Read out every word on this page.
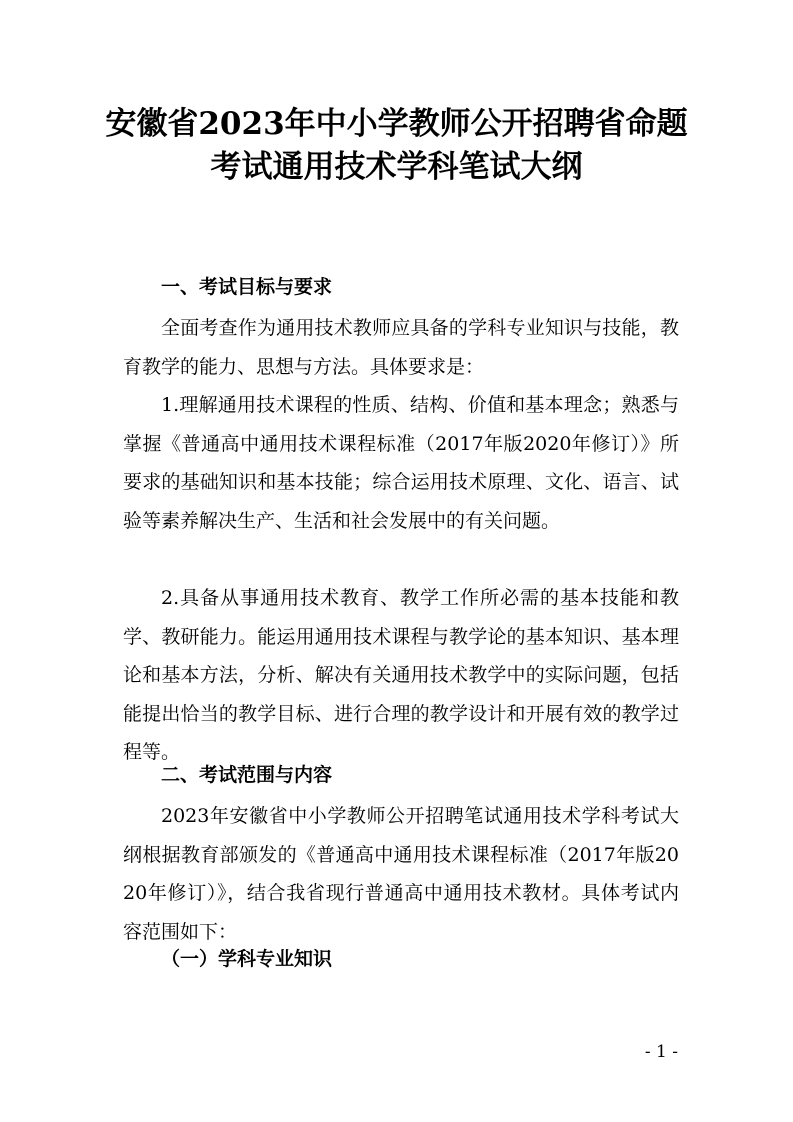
安徽省2023年中小学教师公开招聘省命题
考试通用技术学科笔试大纲
一、考试目标与要求
全面考查作为通用技术教师应具备的学科专业知识与技能，教育教学的能力、思想与方法。具体要求是：
1.理解通用技术课程的性质、结构、价值和基本理念；熟悉与掌握《普通高中通用技术课程标准（2017年版2020年修订）》所要求的基础知识和基本技能；综合运用技术原理、文化、语言、试验等素养解决生产、生活和社会发展中的有关问题。
2.具备从事通用技术教育、教学工作所必需的基本技能和教学、教研能力。能运用通用技术课程与教学论的基本知识、基本理论和基本方法，分析、解决有关通用技术教学中的实际问题，包括能提出恰当的教学目标、进行合理的教学设计和开展有效的教学过程等。
二、考试范围与内容
2023年安徽省中小学教师公开招聘笔试通用技术学科考试大纲根据教育部颁发的《普通高中通用技术课程标准（2017年版2020年修订）》，结合我省现行普通高中通用技术教材。具体考试内容范围如下：
（一）学科专业知识
- 1 -
